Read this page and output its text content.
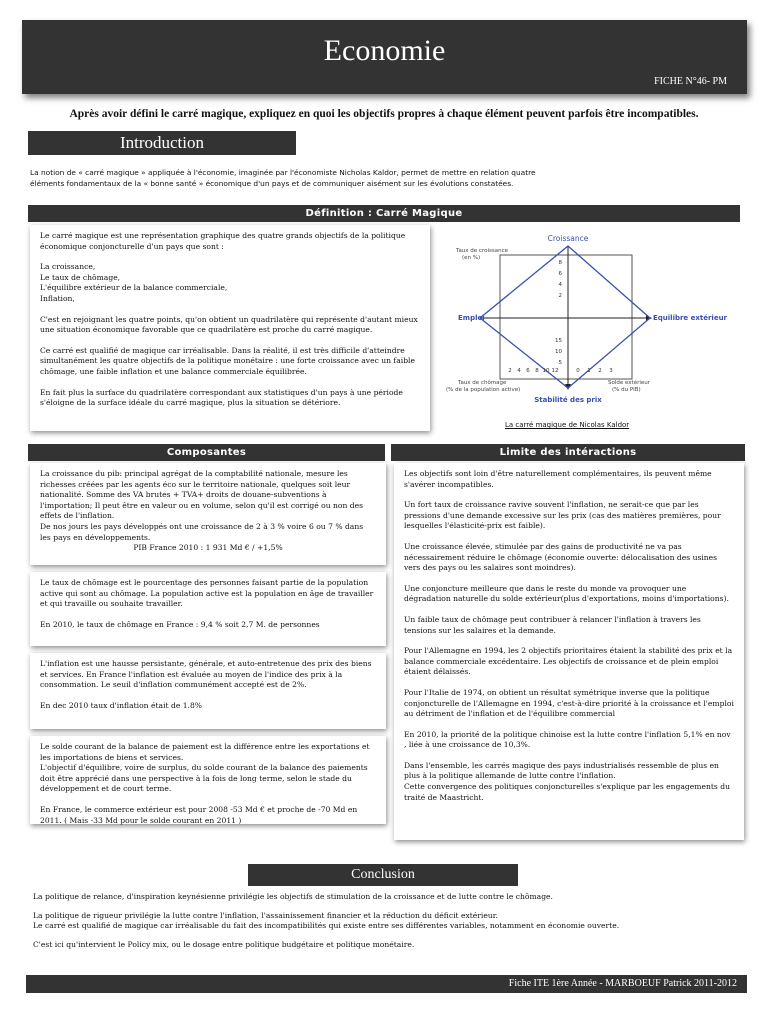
Economie
FICHE N°46- PM
Après avoir défini le carré magique, expliquez en quoi les objectifs propres à chaque élément peuvent parfois être incompatibles.
Introduction
La notion de « carré magique » appliquée à l'économie, imaginée par l'économiste Nicholas Kaldor, permet de mettre en relation quatre
éléments fondamentaux de la « bonne santé » économique d'un pays et de communiquer aisément sur les évolutions constatées.
Définition : Carré Magique

Le carré magique est une représentation graphique des quatre grands objectifs de la politique économique conjoncturelle d'un pays que sont :

La croissance,
Le taux de chômage,
L'équilibre extérieur de la balance commerciale,
Inflation,

C'est en rejoignant les quatre points, qu'on obtient un quadrilatère qui représente d'autant mieux une situation économique favorable que ce quadrilatère est proche du carré magique.

Ce carré est qualifié de magique car irréalisable. Dans la réalité, il est très difficile d'atteindre simultanément les quatre objectifs de la politique monétaire : une forte croissance avec un faible chômage, une faible inflation et une balance commerciale équilibrée.

En fait plus la surface du quadrilatère correspondant aux statistiques d'un pays à une période s'éloigne de la surface idéale du carré magique, plus la situation se détériore.

Croissance
Stabilité des prix
Emploi	Equilibre extérieur
Taux de croissance
(en %)
Taux de chômage
(% de la population active)
Solde extérieur
(% du PIB)
8
6
4
2
15
10
5
2 4 6 8 10 12	0 1 2 3
La carré magique de Nicolas Kaldor
Composantes
La croissance du pib: principal agrégat de la comptabilité nationale, mesure les richesses créées par les agents éco sur le territoire nationale, quelques soit leur nationalité. Somme des VA brutes + TVA+ droits de douane-subventions à l'importation; Il peut être en valeur ou en volume, selon qu'il est corrigé ou non des effets de l'inflation.
De nos jours les pays développés ont une croissance de 2 à 3 % voire 6 ou 7 % dans les pays en développements.
PIB France 2010 : 1 931 Md € / +1,5%

Le taux de chômage est le pourcentage des personnes faisant partie de la population active qui sont au chômage. La population active est la population en âge de travailler et qui travaille ou souhaite travailler.

En 2010, le taux de chômage en France : 9,4 % soit 2,7 M. de personnes

L'inflation est une hausse persistante, générale, et auto-entretenue des prix des biens et services. En France l'inflation est évaluée au moyen de l'indice des prix à la consommation. Le seuil d'inflation communément accepté est de 2%.

En dec 2010 taux d'inflation était de 1.8%

Le solde courant de la balance de paiement est la différence entre les exportations et les importations de biens et services.
L'objectif d'équilibre, voire de surplus, du solde courant de la balance des paiements doit être apprécié dans une perspective à la fois de long terme, selon le stade du développement et de court terme.
En France, le commerce extérieur est pour 2008 -53 Md € et proche de -70 Md en 2011. ( Mais -33 Md pour le solde courant en 2011 )
Limite des intéractions

Les objectifs sont loin d'être naturellement complémentaires, ils peuvent même s'avérer incompatibles.

Un fort taux de croissance ravive souvent l'inflation, ne serait-ce que par les pressions d'une demande excessive sur les prix (cas des matières premières, pour lesquelles l'élasticité-prix est faible).

Une croissance élevée, stimulée par des gains de productivité ne va pas nécessairement réduire le chômage (économie ouverte: délocalisation des usines vers des pays ou les salaires sont moindres).

Une conjoncture meilleure que dans le reste du monde va provoquer une dégradation naturelle du solde extérieur(plus d'exportations, moins d'importations).

Un faible taux de chômage peut contribuer à relancer l'inflation à travers les tensions sur les salaires et la demande.

Pour l'Allemagne en 1994, les 2 objectifs prioritaires étaient la stabilité des prix et la balance commerciale excédentaire. Les objectifs de croissance et de plein emploi étaient délaissés.

Pour l'Italie de 1974, on obtient un résultat symétrique inverse que la politique conjoncturelle de l'Allemagne en 1994, c'est-à-dire priorité à la croissance et l'emploi au détriment de l'inflation et de l'équilibre commercial

En 2010, la priorité de la politique chinoise est la lutte contre l'inflation 5,1% en nov , liée à une croissance de 10,3%.

Dans l'ensemble, les carrés magique des pays industrialisés ressemble de plus en plus à la politique allemande de lutte contre l'inflation.
Cette convergence des politiques conjoncturelles s'explique par les engagements du traité de Maastricht.

Conclusion

La politique de relance, d'inspiration keynésienne privilégie les objectifs de stimulation de la croissance et de lutte contre le chômage.

La politique de rigueur privilégie la lutte contre l'inflation, l'assainissement financier et la réduction du déficit extérieur.

Le carré est qualifié de magique car irréalisable du fait des incompatibilités qui existe entre ses différentes variables, notamment en économie ouverte.

C'est ici qu'intervient le Policy mix, ou le dosage entre politique budgétaire et politique monétaire.

Fiche ITE 1ère Année - MARBOEUF Patrick 2011-2012
